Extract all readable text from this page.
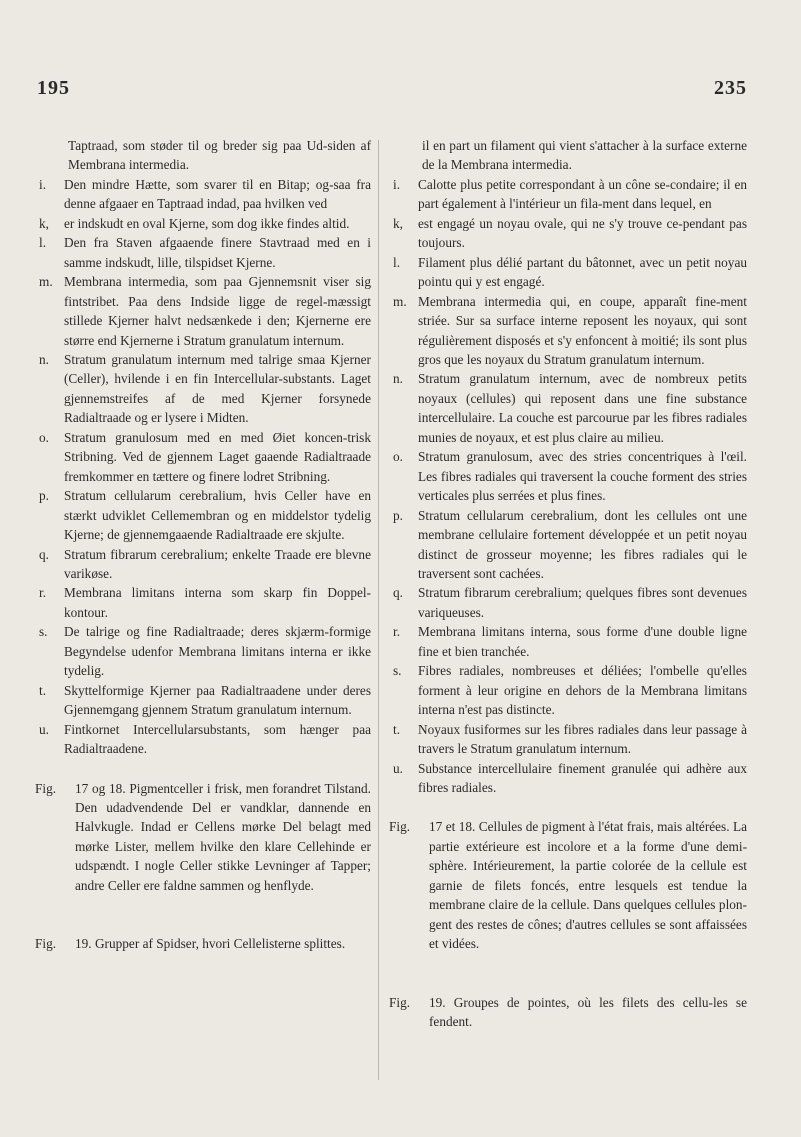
195	235
Taptraad, som støder til og breder sig paa Ud-siden af Membrana intermedia.
i.	Den mindre Hætte, som svarer til en Bitap; og-saa fra denne afgaaer en Taptraad indad, paa hvilken ved
k,	er indskudt en oval Kjerne, som dog ikke findes altid.
l.	Den fra Staven afgaaende finere Stavtraad med en i samme indskudt, lille, tilspidset Kjerne.
m. Membrana intermedia, som paa Gjennemsnit viser sig fintstribet. Paa dens Indside ligge de regel-mæssigt stillede Kjerner halvt nedsænkede i den; Kjernerne ere større end Kjernerne i Stratum granulatum internum.
n.	Stratum granulatum internum med talrige smaa Kjerner (Celler), hvilende i en fin Intercellular-substants. Laget gjennemstreifes af de med Kjerner forsynede Radialtraade og er lysere i Midten.
o.	Stratum granulosum med en med Øiet koncen-trisk Stribning. Ved de gjennem Laget gaaende Radialtraade fremkommer en tættere og finere lodret Stribning.
p.	Stratum cellularum cerebralium, hvis Celler have en stærkt udviklet Cellemembran og en middelstor tydelig Kjerne; de gjennemgaaende Radialtraade ere skjulte.
q.	Stratum fibrarum cerebralium; enkelte Traade ere blevne varikøse.
r.	Membrana limitans interna som skarp fin Doppel-kontour.
s.	De talrige og fine Radialtraade; deres skjærm-formige Begyndelse udenfor Membrana limitans interna er ikke tydelig.
t.	Skyttelformige Kjerner paa Radialtraadene under deres Gjennemgang gjennem Stratum granulatum internum.
u.	Fintkornet Intercellularsubstants, som hænger paa Radialtraadene.
Fig.	17 og 18. Pigmentceller i frisk, men forandret Tilstand. Den udadvendende Del er vandklar, dannende en Halvkugle. Indad er Cellens mørke Del belagt med mørke Lister, mellem hvilke den klare Cellehinde er udspændt. I nogle Celler stikke Levninger af Tapper; andre Celler ere faldne sammen og henflyde.
Fig.	19. Grupper af Spidser, hvori Cellelisterne splittes.
il en part un filament qui vient s'attacher à la surface externe de la Membrana intermedia.
i.	Calotte plus petite correspondant à un cône se-condaire; il en part également à l'intérieur un fila-ment dans lequel, en
k,	est engagé un noyau ovale, qui ne s'y trouve ce-pendant pas toujours.
l.	Filament plus délié partant du bâtonnet, avec un petit noyau pointu qui y est engagé.
m. Membrana intermedia qui, en coupe, apparaît fine-ment striée. Sur sa surface interne reposent les noyaux, qui sont régulièrement disposés et s'y enfoncent à moitié; ils sont plus gros que les noyaux du Stratum granulatum internum.
n.	Stratum granulatum internum, avec de nombreux petits noyaux (cellules) qui reposent dans une fine substance intercellulaire. La couche est parcourue par les fibres radiales munies de noyaux, et est plus claire au milieu.
o.	Stratum granulosum, avec des stries concentriques à l'œil. Les fibres radiales qui traversent la couche forment des stries verticales plus serrées et plus fines.
p.	Stratum cellularum cerebralium, dont les cellules ont une membrane cellulaire fortement développée et un petit noyau distinct de grosseur moyenne; les fibres radiales qui le traversent sont cachées.
q.	Stratum fibrarum cerebralium; quelques fibres sont devenues variqueuses.
r.	Membrana limitans interna, sous forme d'une double ligne fine et bien tranchée.
s.	Fibres radiales, nombreuses et déliées; l'ombelle qu'elles forment à leur origine en dehors de la Membrana limitans interna n'est pas distincte.
t.	Noyaux fusiformes sur les fibres radiales dans leur passage à travers le Stratum granulatum internum.
u.	Substance intercellulaire finement granulée qui adhère aux fibres radiales.
Fig.	17 et 18. Cellules de pigment à l'état frais, mais altérées. La partie extérieure est incolore et a la forme d'une demi-sphère. Intérieurement, la partie colorée de la cellule est garnie de filets foncés, entre lesquels est tendue la membrane claire de la cellule. Dans quelques cellules plon-gent des restes de cônes; d'autres cellules se sont affaissées et vidées.
Fig.	19. Groupes de pointes, où les filets des cellu-les se fendent.
